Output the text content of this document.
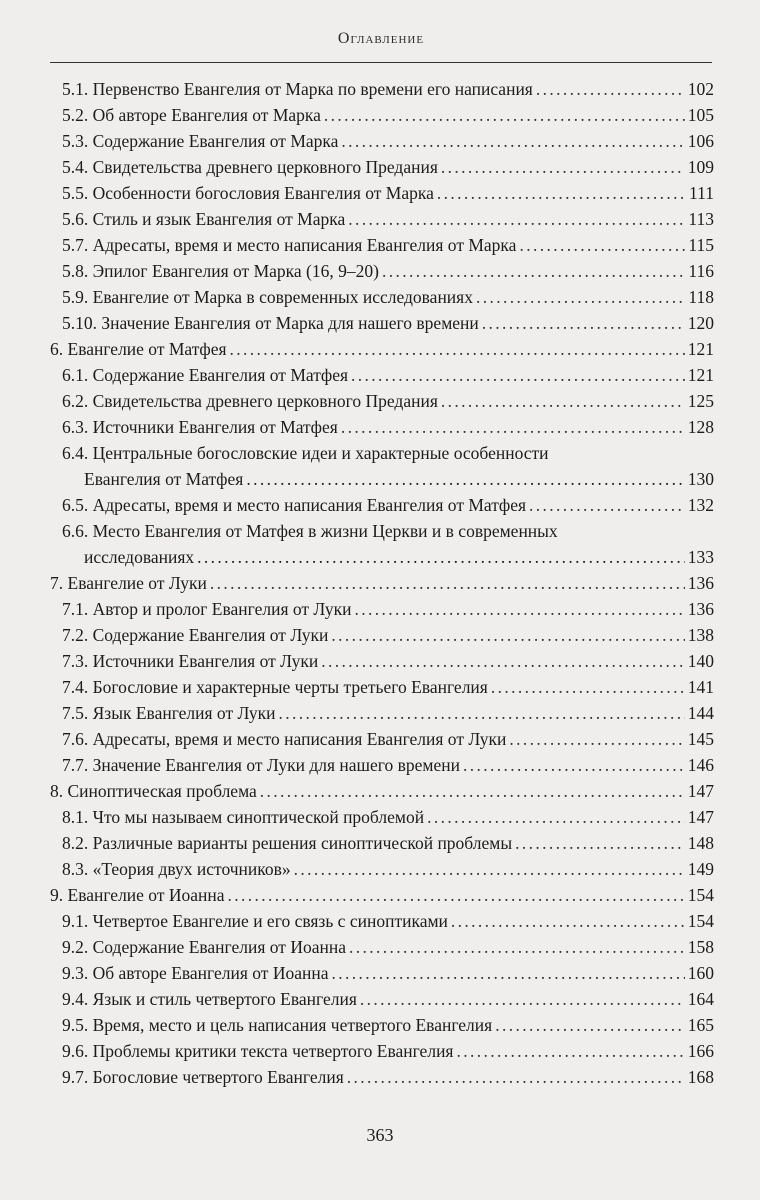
Оглавление
5.1. Первенство Евангелия от Марка по времени его написания . . .	102
5.2. Об авторе Евангелия от Марка . . .	105
5.3. Содержание Евангелия от Марка . . .	106
5.4. Свидетельства древнего церковного Предания . . .	109
5.5. Особенности богословия Евангелия от Марка . . .	111
5.6. Стиль и язык Евангелия от Марка . . .	113
5.7. Адресаты, время и место написания Евангелия от Марка . . .	115
5.8. Эпилог Евангелия от Марка (16, 9–20) . . .	116
5.9. Евангелие от Марка в современных исследованиях . . .	118
5.10. Значение Евангелия от Марка для нашего времени . . .	120
6. Евангелие от Матфея . . .	121
6.1. Содержание Евангелия от Матфея . . .	121
6.2. Свидетельства древнего церковного Предания . . .	125
6.3. Источники Евангелия от Матфея . . .	128
6.4. Центральные богословские идеи и характерные особенности
Евангелия от Матфея . . .	130
6.5. Адресаты, время и место написания Евангелия от Матфея . . .	132
6.6. Место Евангелия от Матфея в жизни Церкви и в современных
исследованиях . . .	133
7. Евангелие от Луки . . .	136
7.1. Автор и пролог Евангелия от Луки . . .	136
7.2. Содержание Евангелия от Луки . . .	138
7.3. Источники Евангелия от Луки . . .	140
7.4. Богословие и характерные черты третьего Евангелия . . .	141
7.5. Язык Евангелия от Луки . . .	144
7.6. Адресаты, время и место написания Евангелия от Луки . . .	145
7.7. Значение Евангелия от Луки для нашего времени . . .	146
8. Синоптическая проблема . . .	147
8.1. Что мы называем синоптической проблемой . . .	147
8.2. Различные варианты решения синоптической проблемы . . .	148
8.3. «Теория двух источников» . . .	149
9. Евангелие от Иоанна . . .	154
9.1. Четвертое Евангелие и его связь с синоптиками . . .	154
9.2. Содержание Евангелия от Иоанна . . .	158
9.3. Об авторе Евангелия от Иоанна . . .	160
9.4. Язык и стиль четвертого Евангелия . . .	164
9.5. Время, место и цель написания четвертого Евангелия . . .	165
9.6. Проблемы критики текста четвертого Евангелия . . .	166
9.7. Богословие четвертого Евангелия . . .	168
363
